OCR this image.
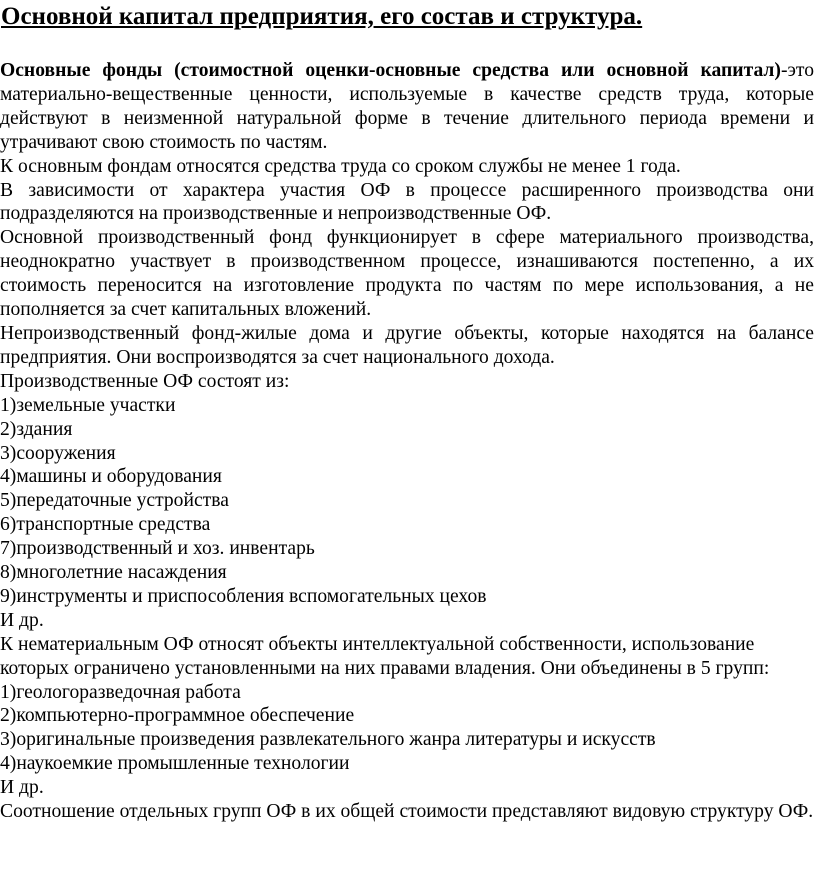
Основной капитал предприятия, его состав и структура.

Основные фонды (стоимостной оценки-основные средства или основной капитал)-это материально-вещественные ценности, используемые в качестве средств труда, которые действуют в неизменной натуральной форме в течение длительного периода времени и утрачивают свою стоимость по частям.

К основным фондам относятся средства труда со сроком службы не менее 1 года.

В зависимости от характера участия ОФ в процессе расширенного производства они подразделяются на производственные и непроизводственные ОФ.

Основной производственный фонд функционирует в сфере материального производства, неоднократно участвует в производственном процессе, изнашиваются постепенно, а их стоимость переносится на изготовление продукта по частям по мере использования, а не пополняется за счет капитальных вложений.

Непроизводственный фонд-жилые дома и другие объекты, которые находятся на балансе предприятия. Они воспроизводятся за счет национального дохода.

Производственные ОФ состоят из:

1)земельные участки

2)здания

3)сооружения

4)машины и оборудования

5)передаточные устройства

6)транспортные средства

7)производственный и хоз. инвентарь

8)многолетние насаждения

9)инструменты и приспособления вспомогательных цехов

И др.

К нематериальным ОФ относят объекты интеллектуальной собственности, использование которых ограничено установленными на них правами владения. Они объединены в 5 групп:

1)геологоразведочная работа

2)компьютерно-программное обеспечение

3)оригинальные произведения развлекательного жанра литературы и искусств

4)наукоемкие промышленные технологии

И др.

Соотношение отдельных групп ОФ в их общей стоимости представляют видовую структуру ОФ.
